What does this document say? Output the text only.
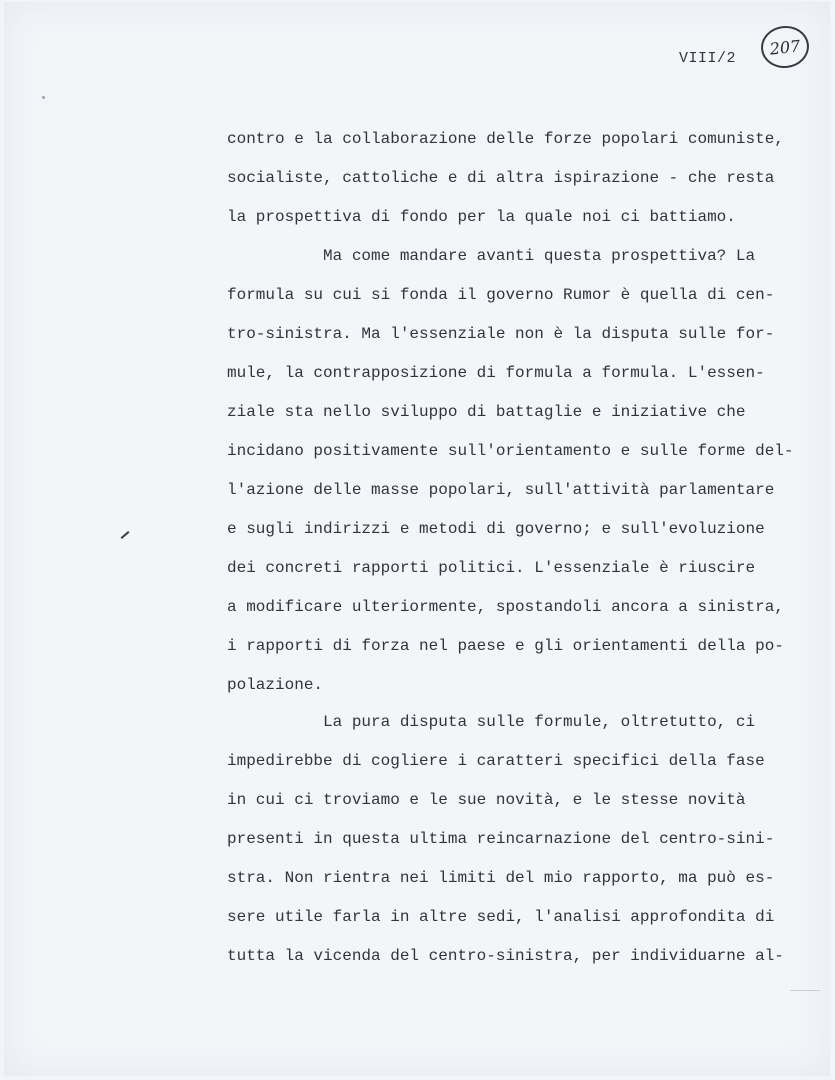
VIII/2
207
contro e la collaborazione delle forze popolari comuniste,
socialiste, cattoliche e di altra ispirazione - che resta
la prospettiva di fondo per la quale noi ci battiamo.
Ma come mandare avanti questa prospettiva? La
formula su cui si fonda il governo Rumor è quella di cen-
tro-sinistra. Ma l'essenziale non è la disputa sulle for-
mule, la contrapposizione di formula a formula. L'essen-
ziale sta nello sviluppo di battaglie e iniziative che
incidano positivamente sull'orientamento e sulle forme del-
l'azione delle masse popolari, sull'attività parlamentare
e sugli indirizzi e metodi di governo; e sull'evoluzione
dei concreti rapporti politici. L'essenziale è riuscire
a modificare ulteriormente, spostandoli ancora a sinistra,
i rapporti di forza nel paese e gli orientamenti della po-
polazione.
La pura disputa sulle formule, oltretutto, ci
impedirebbe di cogliere i caratteri specifici della fase
in cui ci troviamo e le sue novità, e le stesse novità
presenti in questa ultima reincarnazione del centro-sini-
stra. Non rientra nei limiti del mio rapporto, ma può es-
sere utile farla in altre sedi, l'analisi approfondita di
tutta la vicenda del centro-sinistra, per individuarne al-
